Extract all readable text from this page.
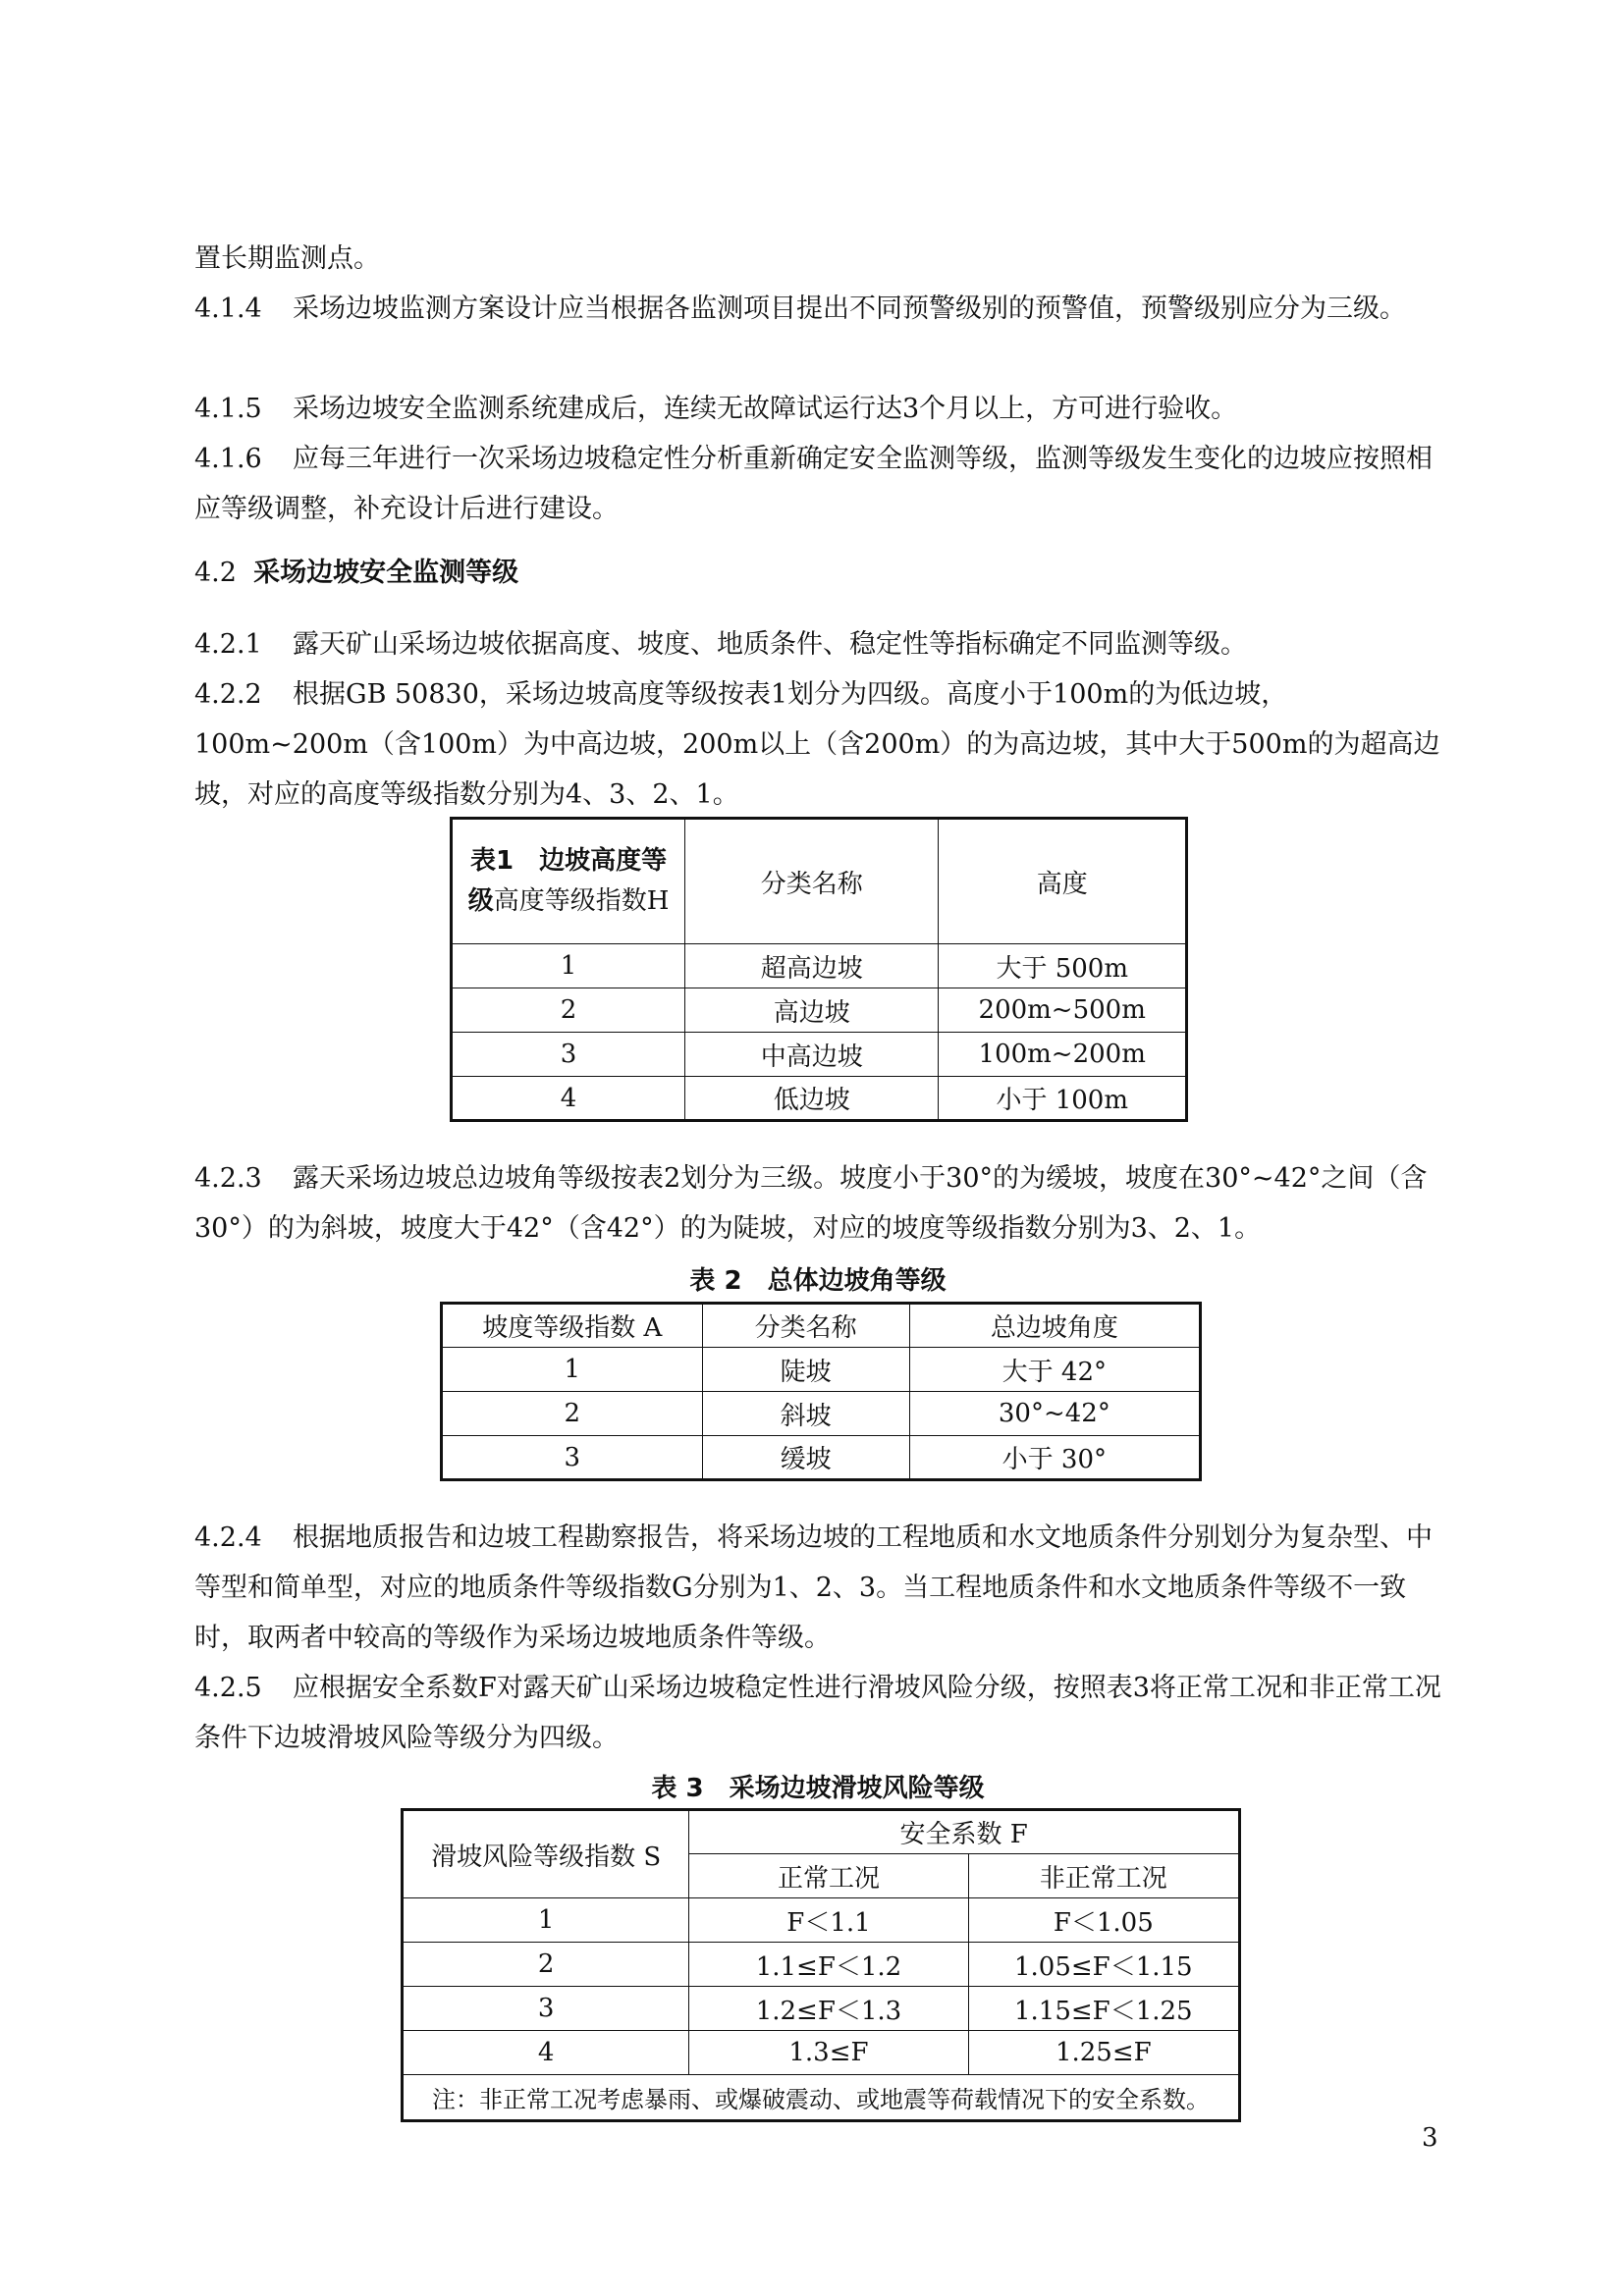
置长期监测点。

4.1.4 采场边坡监测方案设计应当根据各监测项目提出不同预警级别的预警值，预警级别应分为三级。

4.1.5 采场边坡安全监测系统建成后，连续无故障试运行达3个月以上，方可进行验收。

4.1.6 应每三年进行一次采场边坡稳定性分析重新确定安全监测等级，监测等级发生变化的边坡应按照相应等级调整，补充设计后进行建设。

4.2 采场边坡安全监测等级

4.2.1 露天矿山采场边坡依据高度、坡度、地质条件、稳定性等指标确定不同监测等级。

4.2.2 根据GB 50830，采场边坡高度等级按表1划分为四级。高度小于100m的为低边坡，100m~200m（含100m）为中高边坡，200m以上（含200m）的为高边坡，其中大于500m的为超高边坡，对应的高度等级指数分别为4、3、2、1。

表1　边坡高度等级高度等级指数H	分类名称	高度
1	超高边坡	大于 500m
2	高边坡	200m~500m
3	中高边坡	100m~200m
4	低边坡	小于 100m

4.2.3 露天采场边坡总边坡角等级按表2划分为三级。坡度小于30°的为缓坡，坡度在30°~42°之间（含30°）的为斜坡，坡度大于42°（含42°）的为陡坡，对应的坡度等级指数分别为3、2、1。

表 2　总体边坡角等级

坡度等级指数 A	分类名称	总边坡角度
1	陡坡	大于 42°
2	斜坡	30°~42°
3	缓坡	小于 30°

4.2.4 根据地质报告和边坡工程勘察报告，将采场边坡的工程地质和水文地质条件分别划分为复杂型、中等型和简单型，对应的地质条件等级指数G分别为1、2、3。当工程地质条件和水文地质条件等级不一致时，取两者中较高的等级作为采场边坡地质条件等级。

4.2.5 应根据安全系数F对露天矿山采场边坡稳定性进行滑坡风险分级，按照表3将正常工况和非正常工况条件下边坡滑坡风险等级分为四级。

表 3　采场边坡滑坡风险等级

滑坡风险等级指数 S	安全系数 F	
	正常工况	非正常工况
1	F＜1.1	F＜1.05
2	1.1≤F＜1.2	1.05≤F＜1.15
3	1.2≤F＜1.3	1.15≤F＜1.25
4	1.3≤F	1.25≤F
注：非正常工况考虑暴雨、或爆破震动、或地震等荷载情况下的安全系数。		
3
